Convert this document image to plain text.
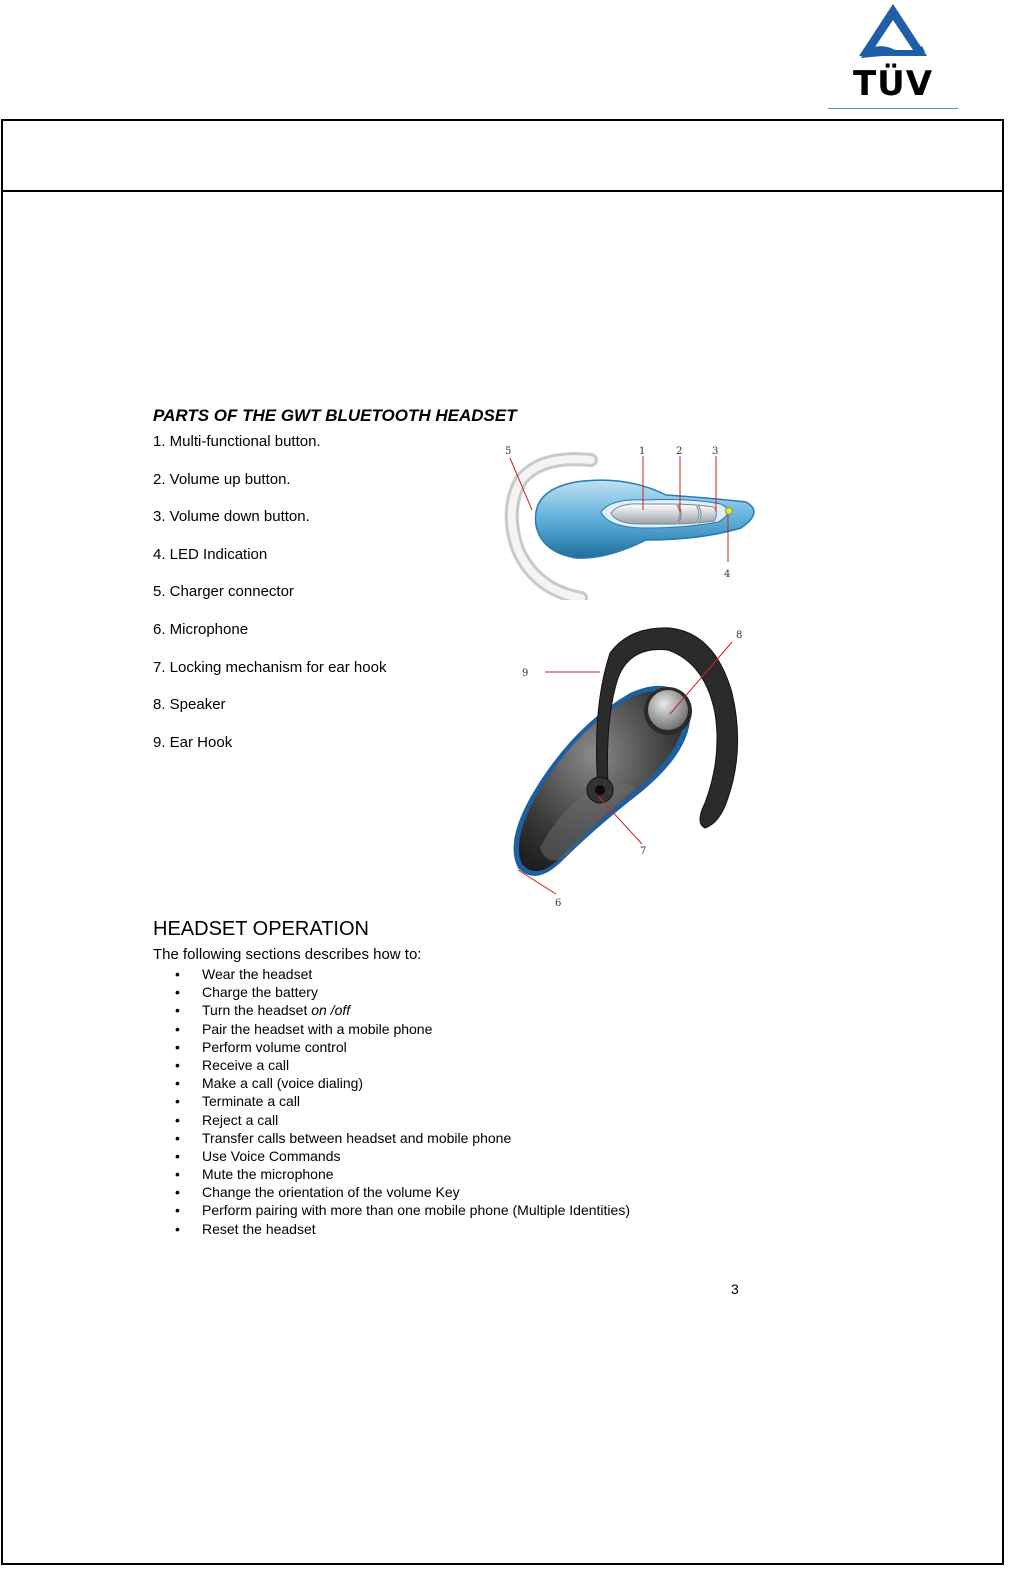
TÜV
PARTS OF THE GWT BLUETOOTH HEADSET
1. Multi-functional button.
2. Volume up button.
3. Volume down button.
4. LED Indication
5. Charger connector
6. Microphone
7. Locking mechanism for ear hook
8. Speaker
9. Ear Hook
5	1	2	3
4
8
9
7
6
HEADSET OPERATION
The following sections describes how to:
• Wear the headset
• Charge the battery
• Turn the headset on /off
• Pair the headset with a mobile phone
• Perform volume control
• Receive a call
• Make a call (voice dialing)
• Terminate a call
• Reject a call
• Transfer calls between headset and mobile phone
• Use Voice Commands
• Mute the microphone
• Change the orientation of the volume Key
• Perform pairing with more than one mobile phone (Multiple Identities)
• Reset the headset
3
